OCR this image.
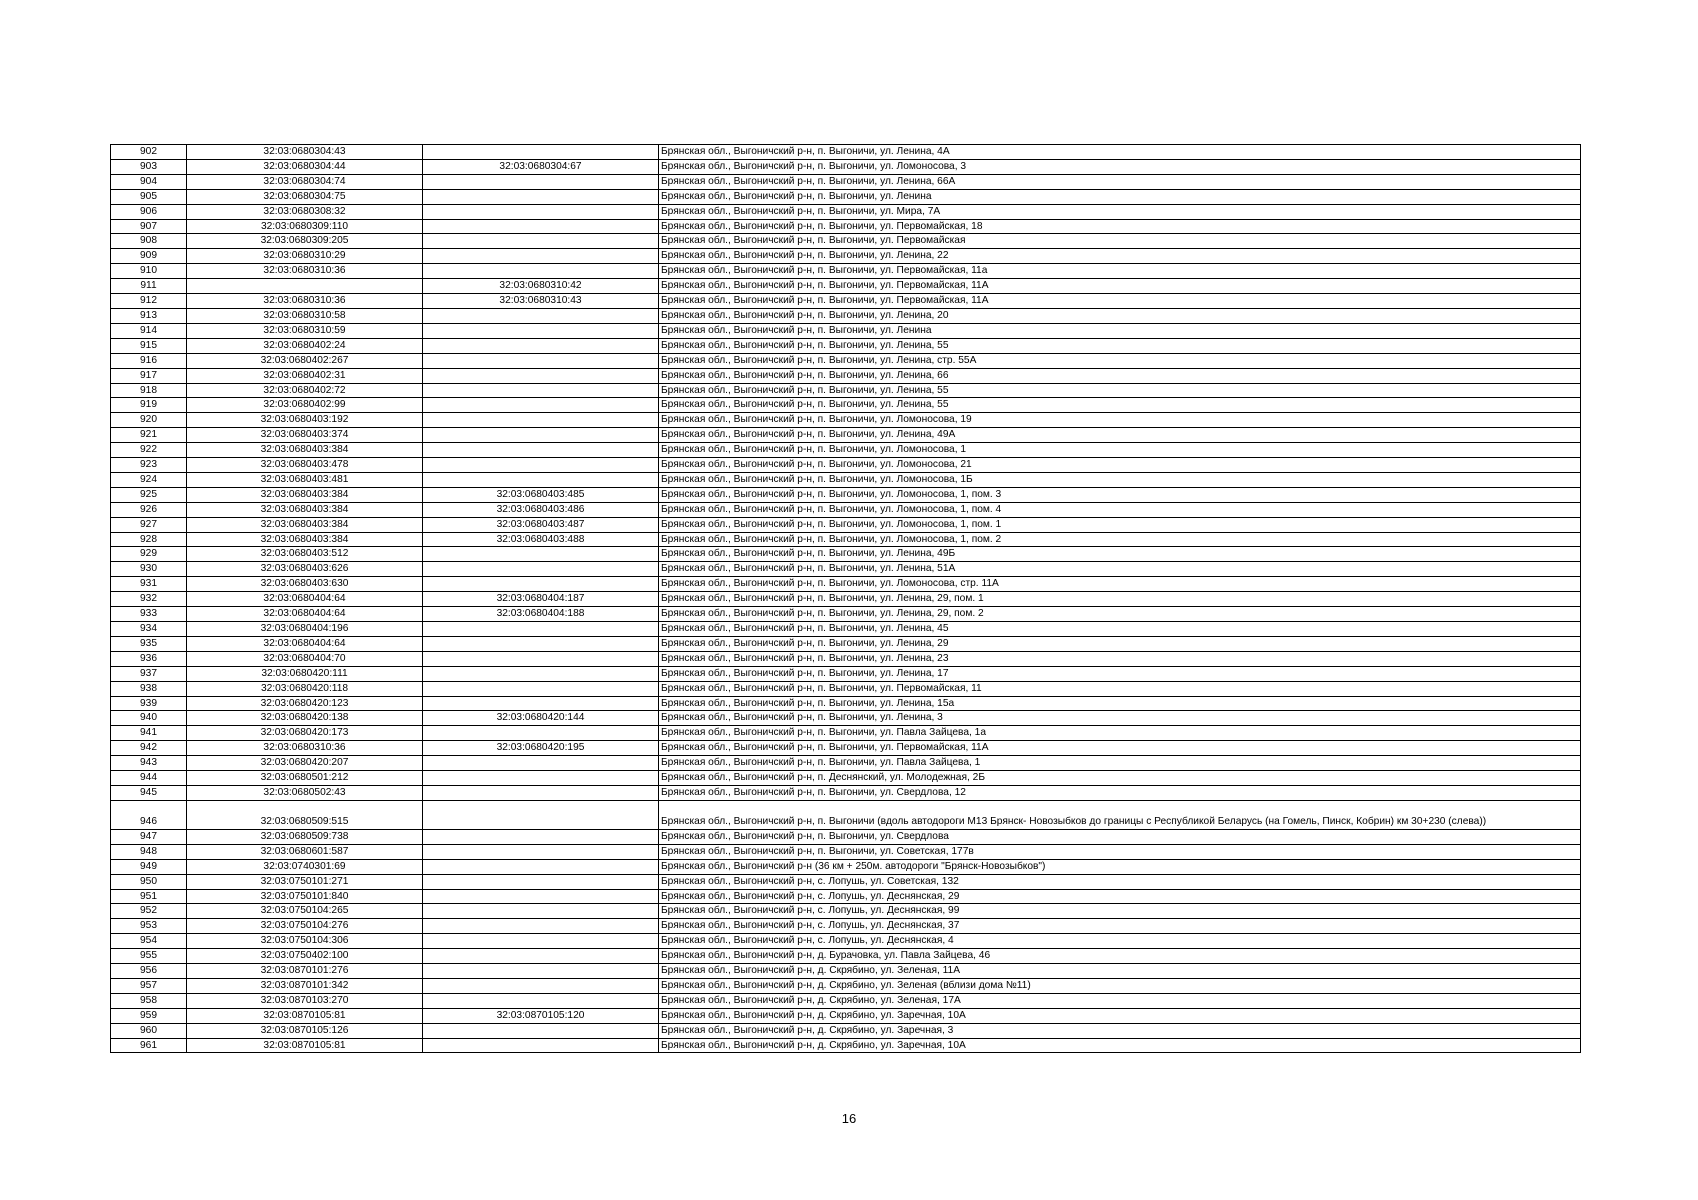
902	32:03:0680304:43		Брянская обл., Выгоничский р-н, п. Выгоничи, ул. Ленина, 4А
903	32:03:0680304:44	32:03:0680304:67	Брянская обл., Выгоничский р-н, п. Выгоничи, ул. Ломоносова, 3
904	32:03:0680304:74		Брянская обл., Выгоничский р-н, п. Выгоничи, ул. Ленина, 66А
905	32:03:0680304:75		Брянская обл., Выгоничский р-н, п. Выгоничи, ул. Ленина
906	32:03:0680308:32		Брянская обл., Выгоничский р-н, п. Выгоничи, ул. Мира, 7А
907	32:03:0680309:110		Брянская обл., Выгоничский р-н, п. Выгоничи, ул. Первомайская, 18
908	32:03:0680309:205		Брянская обл., Выгоничский р-н, п. Выгоничи, ул. Первомайская
909	32:03:0680310:29		Брянская обл., Выгоничский р-н, п. Выгоничи, ул. Ленина, 22
910	32:03:0680310:36		Брянская обл., Выгоничский р-н, п. Выгоничи, ул. Первомайская, 11а
911		32:03:0680310:42	Брянская обл., Выгоничский р-н, п. Выгоничи, ул. Первомайская, 11А
912	32:03:0680310:36	32:03:0680310:43	Брянская обл., Выгоничский р-н, п. Выгоничи, ул. Первомайская, 11А
913	32:03:0680310:58		Брянская обл., Выгоничский р-н, п. Выгоничи, ул. Ленина, 20
914	32:03:0680310:59		Брянская обл., Выгоничский р-н, п. Выгоничи, ул. Ленина
915	32:03:0680402:24		Брянская обл., Выгоничский р-н, п. Выгоничи, ул. Ленина, 55
916	32:03:0680402:267		Брянская обл., Выгоничский р-н, п. Выгоничи, ул. Ленина, стр. 55А
917	32:03:0680402:31		Брянская обл., Выгоничский р-н, п. Выгоничи, ул. Ленина, 66
918	32:03:0680402:72		Брянская обл., Выгоничский р-н, п. Выгоничи, ул. Ленина, 55
919	32:03:0680402:99		Брянская обл., Выгоничский р-н, п. Выгоничи, ул. Ленина, 55
920	32:03:0680403:192		Брянская обл., Выгоничский р-н, п. Выгоничи, ул. Ломоносова, 19
921	32:03:0680403:374		Брянская обл., Выгоничский р-н, п. Выгоничи, ул. Ленина, 49А
922	32:03:0680403:384		Брянская обл., Выгоничский р-н, п. Выгоничи, ул. Ломоносова, 1
923	32:03:0680403:478		Брянская обл., Выгоничский р-н, п. Выгоничи, ул. Ломоносова, 21
924	32:03:0680403:481		Брянская обл., Выгоничский р-н, п. Выгоничи, ул. Ломоносова, 1Б
925	32:03:0680403:384	32:03:0680403:485	Брянская обл., Выгоничский р-н, п. Выгоничи, ул. Ломоносова, 1, пом. 3
926	32:03:0680403:384	32:03:0680403:486	Брянская обл., Выгоничский р-н, п. Выгоничи, ул. Ломоносова, 1, пом. 4
927	32:03:0680403:384	32:03:0680403:487	Брянская обл., Выгоничский р-н, п. Выгоничи, ул. Ломоносова, 1, пом. 1
928	32:03:0680403:384	32:03:0680403:488	Брянская обл., Выгоничский р-н, п. Выгоничи, ул. Ломоносова, 1, пом. 2
929	32:03:0680403:512		Брянская обл., Выгоничский р-н, п. Выгоничи, ул. Ленина, 49Б
930	32:03:0680403:626		Брянская обл., Выгоничский р-н, п. Выгоничи, ул. Ленина, 51А
931	32:03:0680403:630		Брянская обл., Выгоничский р-н, п. Выгоничи, ул. Ломоносова, стр. 11А
932	32:03:0680404:64	32:03:0680404:187	Брянская обл., Выгоничский р-н, п. Выгоничи, ул. Ленина, 29, пом. 1
933	32:03:0680404:64	32:03:0680404:188	Брянская обл., Выгоничский р-н, п. Выгоничи, ул. Ленина, 29, пом. 2
934	32:03:0680404:196		Брянская обл., Выгоничский р-н, п. Выгоничи, ул. Ленина, 45
935	32:03:0680404:64		Брянская обл., Выгоничский р-н, п. Выгоничи, ул. Ленина, 29
936	32:03:0680404:70		Брянская обл., Выгоничский р-н, п. Выгоничи, ул. Ленина, 23
937	32:03:0680420:111		Брянская обл., Выгоничский р-н, п. Выгоничи, ул. Ленина, 17
938	32:03:0680420:118		Брянская обл., Выгоничский р-н, п. Выгоничи, ул. Первомайская, 11
939	32:03:0680420:123		Брянская обл., Выгоничский р-н, п. Выгоничи, ул. Ленина, 15а
940	32:03:0680420:138	32:03:0680420:144	Брянская обл., Выгоничский р-н, п. Выгоничи, ул. Ленина, 3
941	32:03:0680420:173		Брянская обл., Выгоничский р-н, п. Выгоничи, ул. Павла Зайцева, 1а
942	32:03:0680310:36	32:03:0680420:195	Брянская обл., Выгоничский р-н, п. Выгоничи, ул. Первомайская, 11А
943	32:03:0680420:207		Брянская обл., Выгоничский р-н, п. Выгоничи, ул. Павла Зайцева, 1
944	32:03:0680501:212		Брянская обл., Выгоничский р-н, п. Деснянский, ул. Молодежная, 2Б
945	32:03:0680502:43		Брянская обл., Выгоничский р-н, п. Выгоничи, ул. Свердлова, 12
946	32:03:0680509:515		Брянская обл., Выгоничский р-н, п. Выгоничи (вдоль автодороги М13 Брянск- Новозыбков до границы с Республикой Беларусь (на Гомель, Пинск, Кобрин) км 30+230 (слева))
947	32:03:0680509:738		Брянская обл., Выгоничский р-н, п. Выгоничи, ул. Свердлова
948	32:03:0680601:587		Брянская обл., Выгоничский р-н, п. Выгоничи, ул. Советская, 177в
949	32:03:0740301:69		Брянская обл., Выгоничский р-н (36 км + 250м. автодороги "Брянск-Новозыбков")
950	32:03:0750101:271		Брянская обл., Выгоничский р-н, с. Лопушь, ул. Советская, 132
951	32:03:0750101:840		Брянская обл., Выгоничский р-н, с. Лопушь, ул. Деснянская, 29
952	32:03:0750104:265		Брянская обл., Выгоничский р-н, с. Лопушь, ул. Деснянская, 99
953	32:03:0750104:276		Брянская обл., Выгоничский р-н, с. Лопушь, ул. Деснянская, 37
954	32:03:0750104:306		Брянская обл., Выгоничский р-н, с. Лопушь, ул. Деснянская, 4
955	32:03:0750402:100		Брянская обл., Выгоничский р-н, д. Бурачовка, ул. Павла Зайцева, 46
956	32:03:0870101:276		Брянская обл., Выгоничский р-н, д. Скрябино, ул. Зеленая, 11А
957	32:03:0870101:342		Брянская обл., Выгоничский р-н, д. Скрябино, ул. Зеленая (вблизи дома №11)
958	32:03:0870103:270		Брянская обл., Выгоничский р-н, д. Скрябино, ул. Зеленая, 17А
959	32:03:0870105:81	32:03:0870105:120	Брянская обл., Выгоничский р-н, д. Скрябино, ул. Заречная, 10А
960	32:03:0870105:126		Брянская обл., Выгоничский р-н, д. Скрябино, ул. Заречная, 3
961	32:03:0870105:81		Брянская обл., Выгоничский р-н, д. Скрябино, ул. Заречная, 10А
16
